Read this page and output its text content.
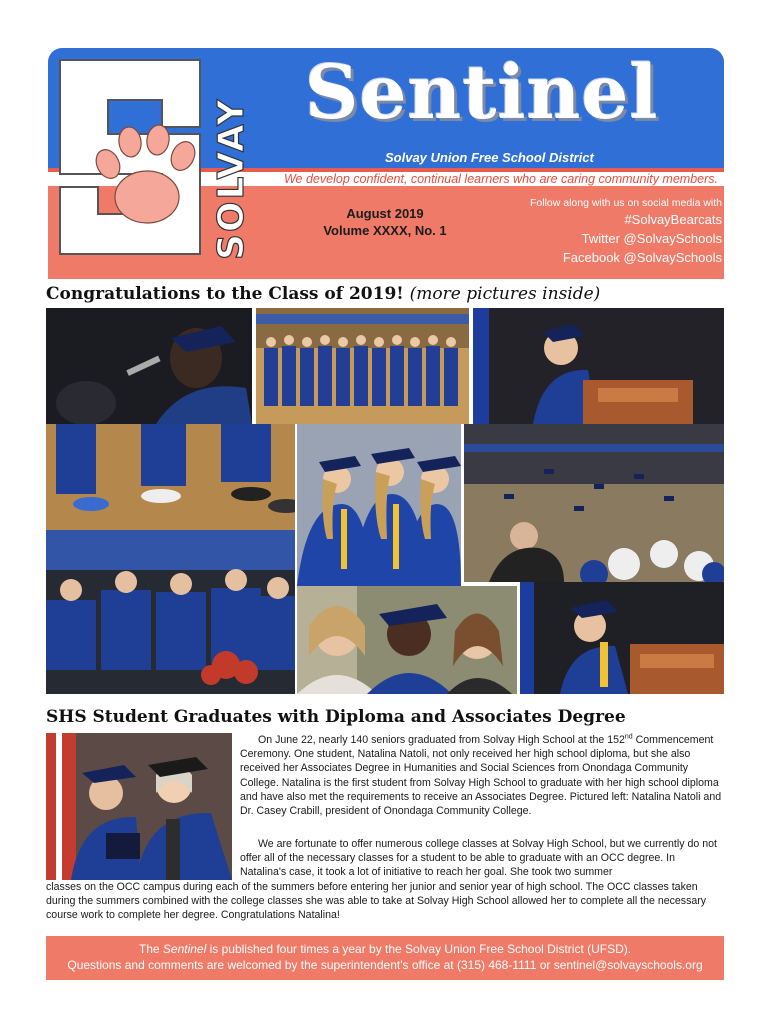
SOLVAY
Sentinel
Solvay Union Free School District
We develop confident, continual learners who are caring community members.
August 2019
Volume XXXX, No. 1
Follow along with us on social media with
#SolvayBearcats
Twitter @SolvaySchools
Facebook @SolvaySchools
Congratulations to the Class of 2019! (more pictures inside)
SHS Student Graduates with Diploma and Associates Degree

On June 22, nearly 140 seniors graduated from Solvay High School at the 152nd Commencement Ceremony. One student, Natalina Natoli, not only received her high school diploma, but she also received her Associates Degree in Humanities and Social Sciences from Onondaga Community College. Natalina is the first student from Solvay High School to graduate with her high school diploma and have also met the requirements to receive an Associates Degree. Pictured left: Natalina Natoli and Dr. Casey Crabill, president of Onondaga Community College.

We are fortunate to offer numerous college classes at Solvay High School, but we currently do not offer all of the necessary classes for a student to be able to graduate with an OCC degree. In Natalina's case, it took a lot of initiative to reach her goal. She took two summer

classes on the OCC campus during each of the summers before entering her junior and senior year of high school. The OCC classes taken during the summers combined with the college classes she was able to take at Solvay High School allowed her to complete all the necessary course work to complete her degree. Congratulations Natalina!

The Sentinel is published four times a year by the Solvay Union Free School District (UFSD).
Questions and comments are welcomed by the superintendent's office at (315) 468-1111 or sentinel@solvayschools.org
